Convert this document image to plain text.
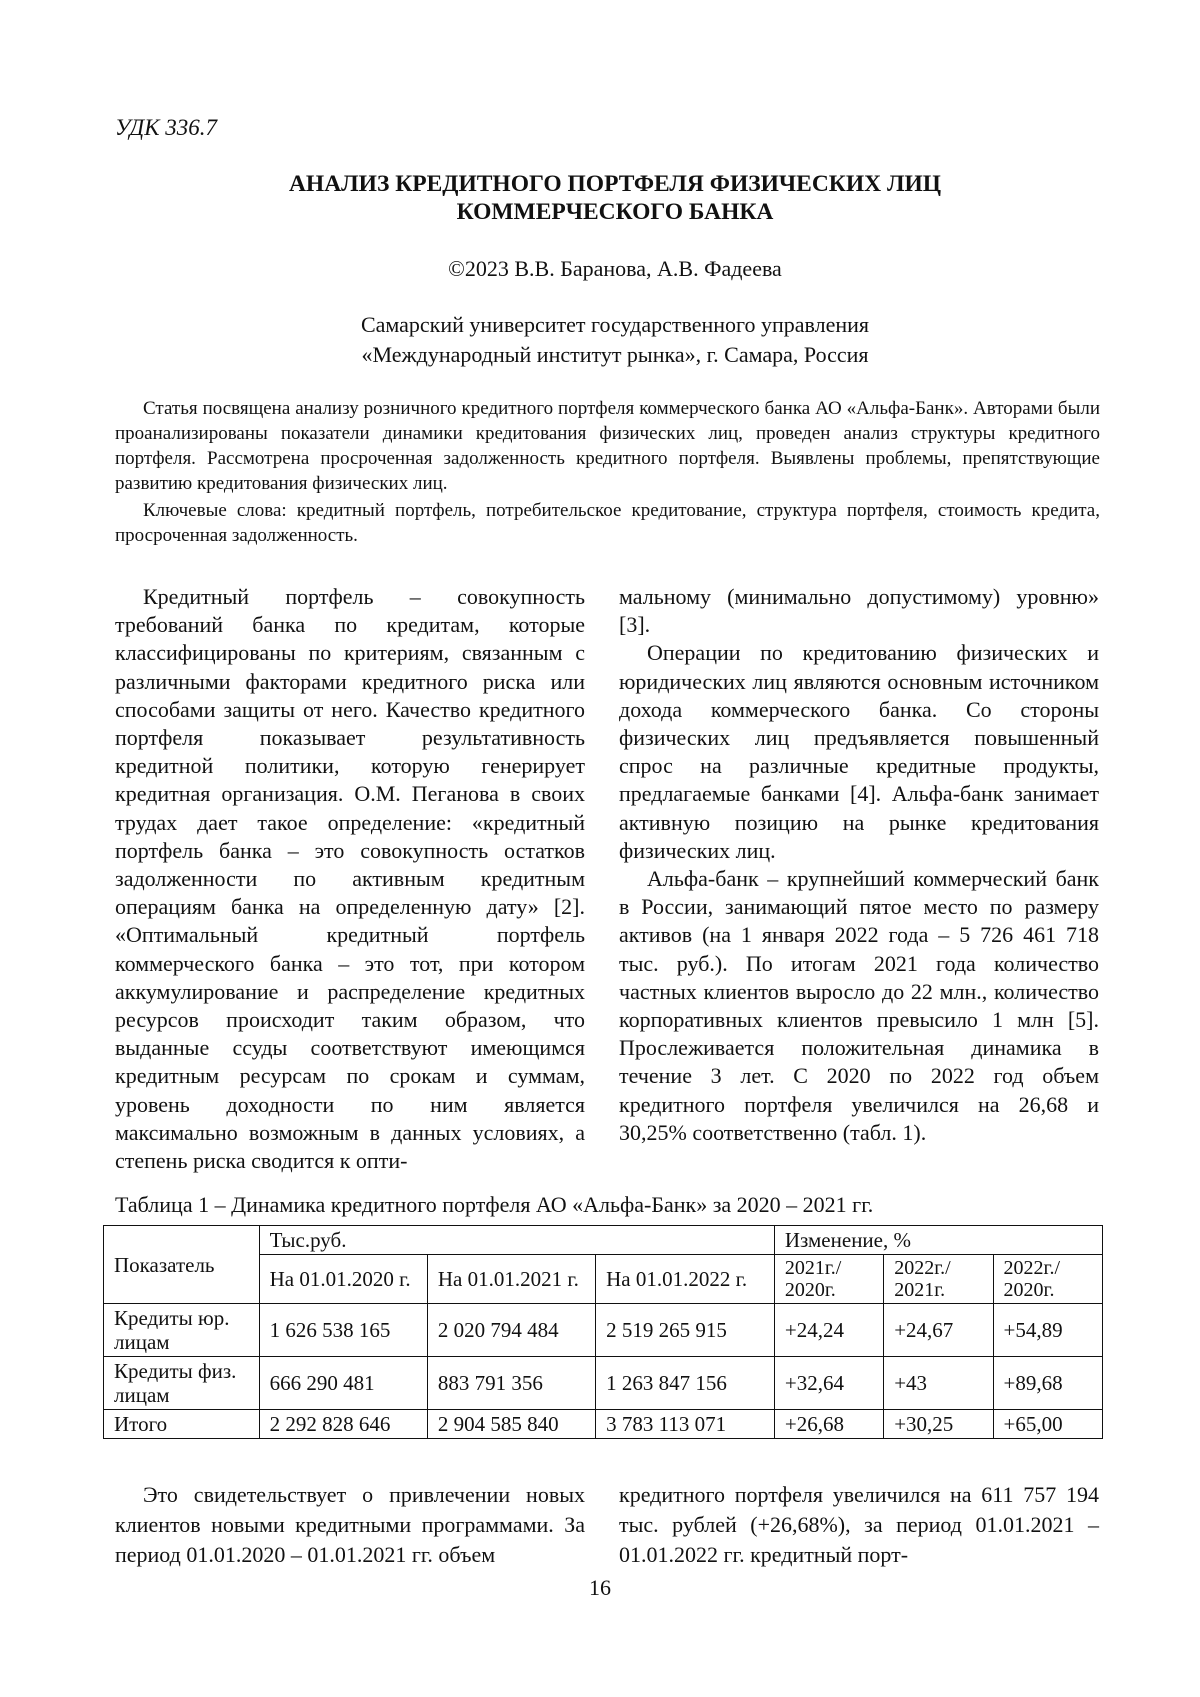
УДК 336.7
АНАЛИЗ КРЕДИТНОГО ПОРТФЕЛЯ ФИЗИЧЕСКИХ ЛИЦ
КОММЕРЧЕСКОГО БАНКА
©2023 В.В. Баранова, А.В. Фадеева
Самарский университет государственного управления
«Международный институт рынка», г. Самара, Россия

Статья посвящена анализу розничного кредитного портфеля коммерческого банка АО «Альфа-Банк». Авторами были проанализированы показатели динамики кредитования физических лиц, проведен анализ структуры кредитного портфеля. Рассмотрена просроченная задолженность кредитного портфеля. Выявлены проблемы, препятствующие развитию кредитования физических лиц.

Ключевые слова: кредитный портфель, потребительское кредитование, структура портфеля, стоимость кредита, просроченная задолженность.

Кредитный портфель – совокупность требований банка по кредитам, которые классифицированы по критериям, связанным с различными факторами кредитного риска или способами защиты от него. Качество кредитного портфеля показывает результативность кредитной политики, которую генерирует кредитная организация. О.М. Пеганова в своих трудах дает такое определение: «кредитный портфель банка – это совокупность остатков задолженности по активным кредитным операциям банка на определенную дату» [2]. «Оптимальный кредитный портфель коммерческого банка – это тот, при котором аккумулирование и распределение кредитных ресурсов происходит таким образом, что выданные ссуды соответствуют имеющимся кредитным ресурсам по срокам и суммам, уровень доходности по ним является максимально возможным в данных условиях, а степень риска сводится к опти-

мальному (минимально допустимому) уровню» [3].

Операции по кредитованию физических и юридических лиц являются основным источником дохода коммерческого банка. Со стороны физических лиц предъявляется повышенный спрос на различные кредитные продукты, предлагаемые банками [4]. Альфа-банк занимает активную позицию на рынке кредитования физических лиц.

Альфа-банк – крупнейший коммерческий банк в России, занимающий пятое место по размеру активов (на 1 января 2022 года – 5 726 461 718 тыс. руб.). По итогам 2021 года количество частных клиентов выросло до 22 млн., количество корпоративных клиентов превысило 1 млн [5]. Прослеживается положительная динамика в течение 3 лет. С 2020 по 2022 год объем кредитного портфеля увеличился на 26,68 и 30,25% соответственно (табл. 1).

Таблица 1 – Динамика кредитного портфеля АО «Альфа-Банк» за 2020 – 2021 гг.
Показатель	Тыс.руб.			Изменение, %		
	На 01.01.2020 г.	На 01.01.2021 г.	На 01.01.2022 г.	2021г./ 2020г.	2022г./ 2021г.	2022г./ 2020г.
Кредиты юр. лицам	1 626 538 165	2 020 794 484	2 519 265 915	+24,24	+24,67	+54,89
Кредиты физ. лицам	666 290 481	883 791 356	1 263 847 156	+32,64	+43	+89,68
Итого	2 292 828 646	2 904 585 840	3 783 113 071	+26,68	+30,25	+65,00

Это свидетельствует о привлечении новых клиентов новыми кредитными программами. За период 01.01.2020 – 01.01.2021 гг. объем

кредитного портфеля увеличился на 611 757 194 тыс. рублей (+26,68%), за период 01.01.2021 – 01.01.2022 гг. кредитный порт-

16
